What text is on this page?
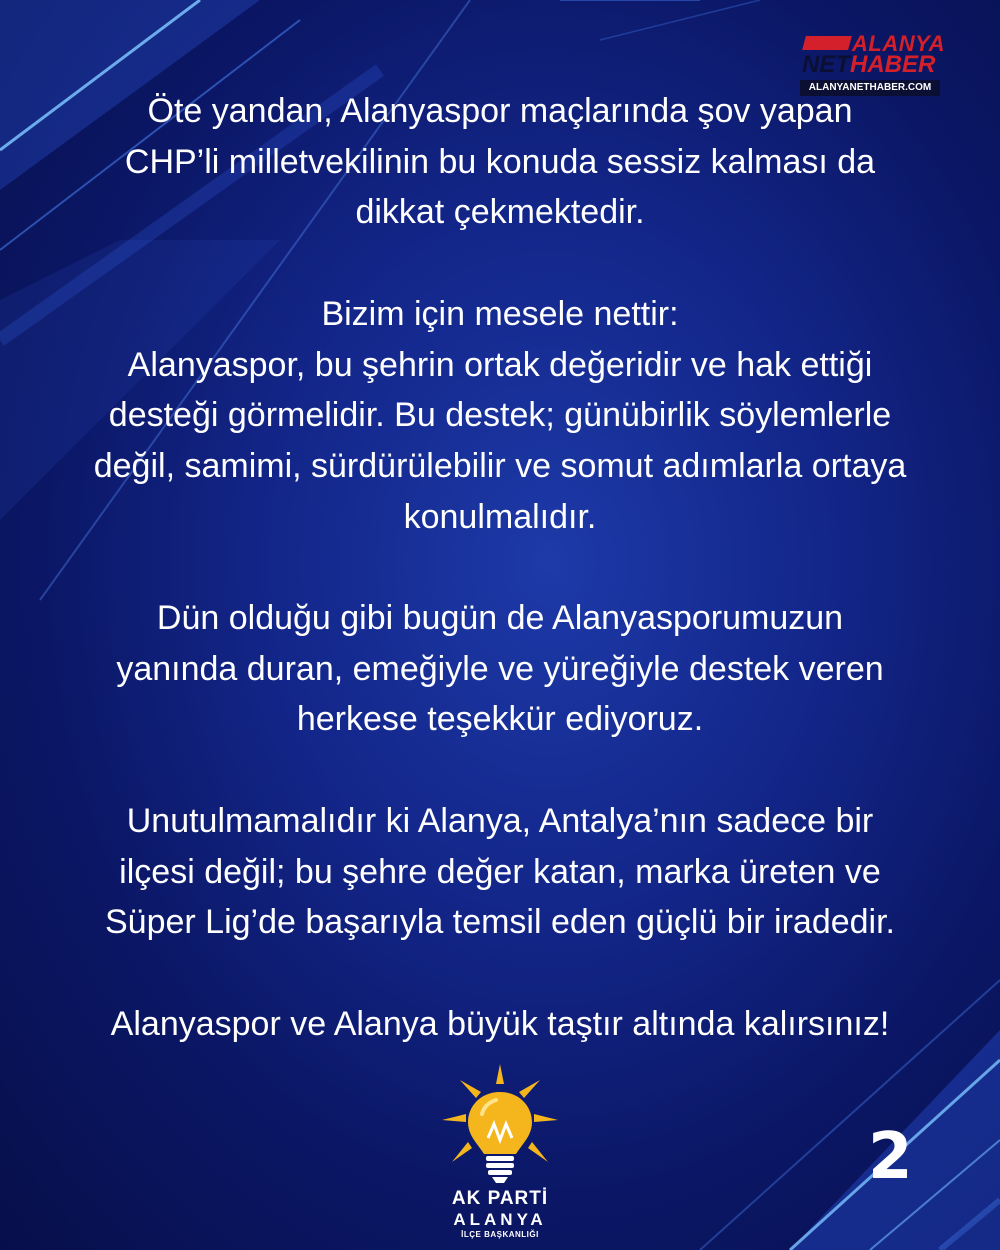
ALANYA
NET HABER
ALANYANETHABER.COM

Öte yandan, Alanyaspor maçlarında şov yapan
CHP’li milletvekilinin bu konuda sessiz kalması da
dikkat çekmektedir.

Bizim için mesele nettir:
Alanyaspor, bu şehrin ortak değeridir ve hak ettiği
desteği görmelidir. Bu destek; günübirlik söylemlerle
değil, samimi, sürdürülebilir ve somut adımlarla ortaya
konulmalıdır.

Dün olduğu gibi bugün de Alanyasporumuzun
yanında duran, emeğiyle ve yüreğiyle destek veren
herkese teşekkür ediyoruz.

Unutulmamalıdır ki Alanya, Antalya’nın sadece bir
ilçesi değil; bu şehre değer katan, marka üreten ve
Süper Lig’de başarıyla temsil eden güçlü bir iradedir.

Alanyaspor ve Alanya büyük taştır altında kalırsınız!

AK PARTİ
ALANYA
İLÇE BAŞKANLIĞI
2
